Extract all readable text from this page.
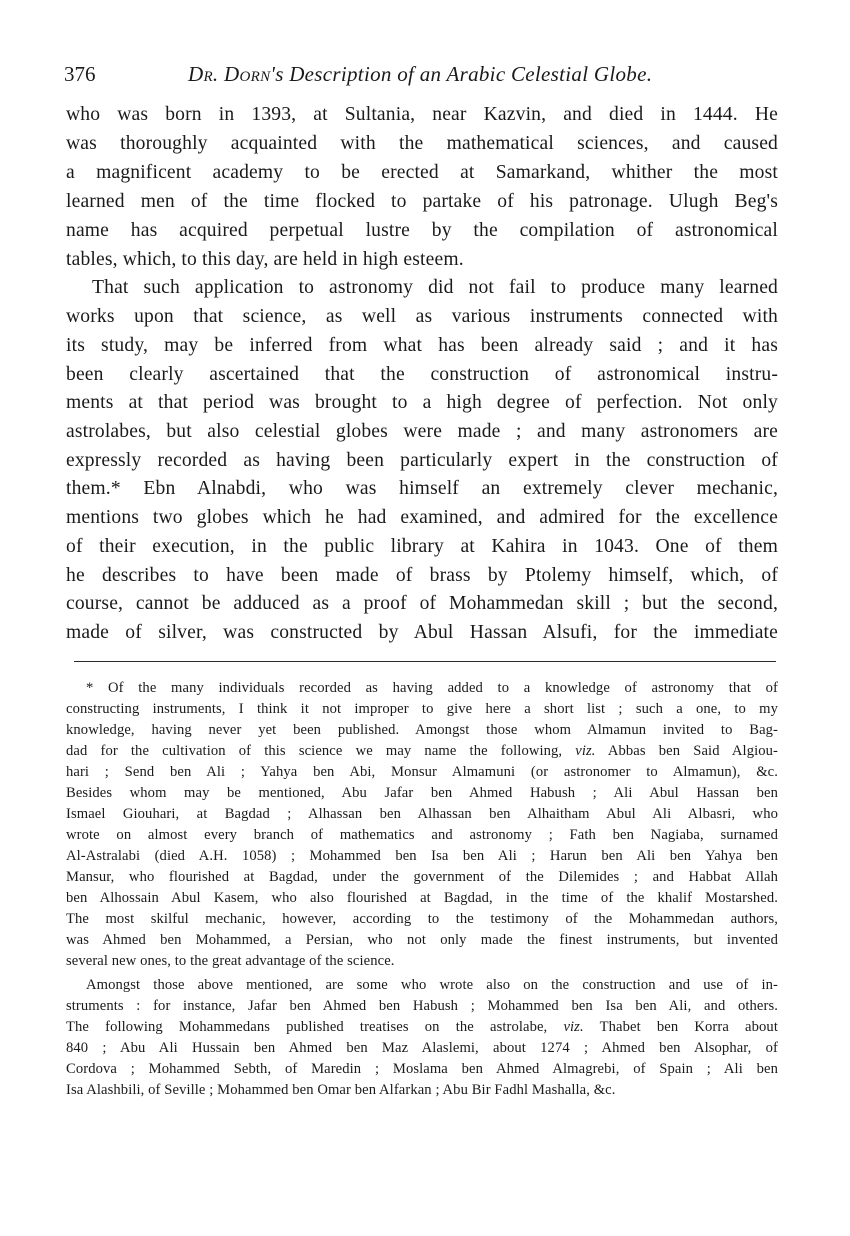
376	Dr. Dorn's Description of an Arabic Celestial Globe.
who was born in 1393, at Sultania, near Kazvin, and died in 1444. He
was thoroughly acquainted with the mathematical sciences, and caused
a magnificent academy to be erected at Samarkand, whither the most
learned men of the time flocked to partake of his patronage. Ulugh Beg's
name has acquired perpetual lustre by the compilation of astronomical
tables, which, to this day, are held in high esteem.
That such application to astronomy did not fail to produce many learned
works upon that science, as well as various instruments connected with
its study, may be inferred from what has been already said ; and it has
been clearly ascertained that the construction of astronomical instru-
ments at that period was brought to a high degree of perfection. Not only
astrolabes, but also celestial globes were made ; and many astronomers are
expressly recorded as having been particularly expert in the construction of
them.* Ebn Alnabdi, who was himself an extremely clever mechanic,
mentions two globes which he had examined, and admired for the excellence
of their execution, in the public library at Kahira in 1043. One of them
he describes to have been made of brass by Ptolemy himself, which, of
course, cannot be adduced as a proof of Mohammedan skill ; but the second,
made of silver, was constructed by Abul Hassan Alsufi, for the immediate
* Of the many individuals recorded as having added to a knowledge of astronomy that of
constructing instruments, I think it not improper to give here a short list ; such a one, to my
knowledge, having never yet been published. Amongst those whom Almamun invited to Bag-
dad for the cultivation of this science we may name the following, viz. Abbas ben Said Algiou-
hari ; Send ben Ali ; Yahya ben Abi, Monsur Almamuni (or astronomer to Almamun), &c.
Besides whom may be mentioned, Abu Jafar ben Ahmed Habush ; Ali Abul Hassan ben
Ismael Giouhari, at Bagdad ; Alhassan ben Alhassan ben Alhaitham Abul Ali Albasri, who
wrote on almost every branch of mathematics and astronomy ; Fath ben Nagiaba, surnamed
Al-Astralabi (died A.H. 1058) ; Mohammed ben Isa ben Ali ; Harun ben Ali ben Yahya ben
Mansur, who flourished at Bagdad, under the government of the Dilemides ; and Habbat Allah
ben Alhossain Abul Kasem, who also flourished at Bagdad, in the time of the khalif Mostarshed.
The most skilful mechanic, however, according to the testimony of the Mohammedan authors,
was Ahmed ben Mohammed, a Persian, who not only made the finest instruments, but invented
several new ones, to the great advantage of the science.
Amongst those above mentioned, are some who wrote also on the construction and use of in-
struments : for instance, Jafar ben Ahmed ben Habush ; Mohammed ben Isa ben Ali, and others.
The following Mohammedans published treatises on the astrolabe, viz. Thabet ben Korra about
840 ; Abu Ali Hussain ben Ahmed ben Maz Alaslemi, about 1274 ; Ahmed ben Alsophar, of
Cordova ; Mohammed Sebth, of Maredin ; Moslama ben Ahmed Almagrebi, of Spain ; Ali ben
Isa Alashbili, of Seville ; Mohammed ben Omar ben Alfarkan ; Abu Bir Fadhl Mashalla, &c.
